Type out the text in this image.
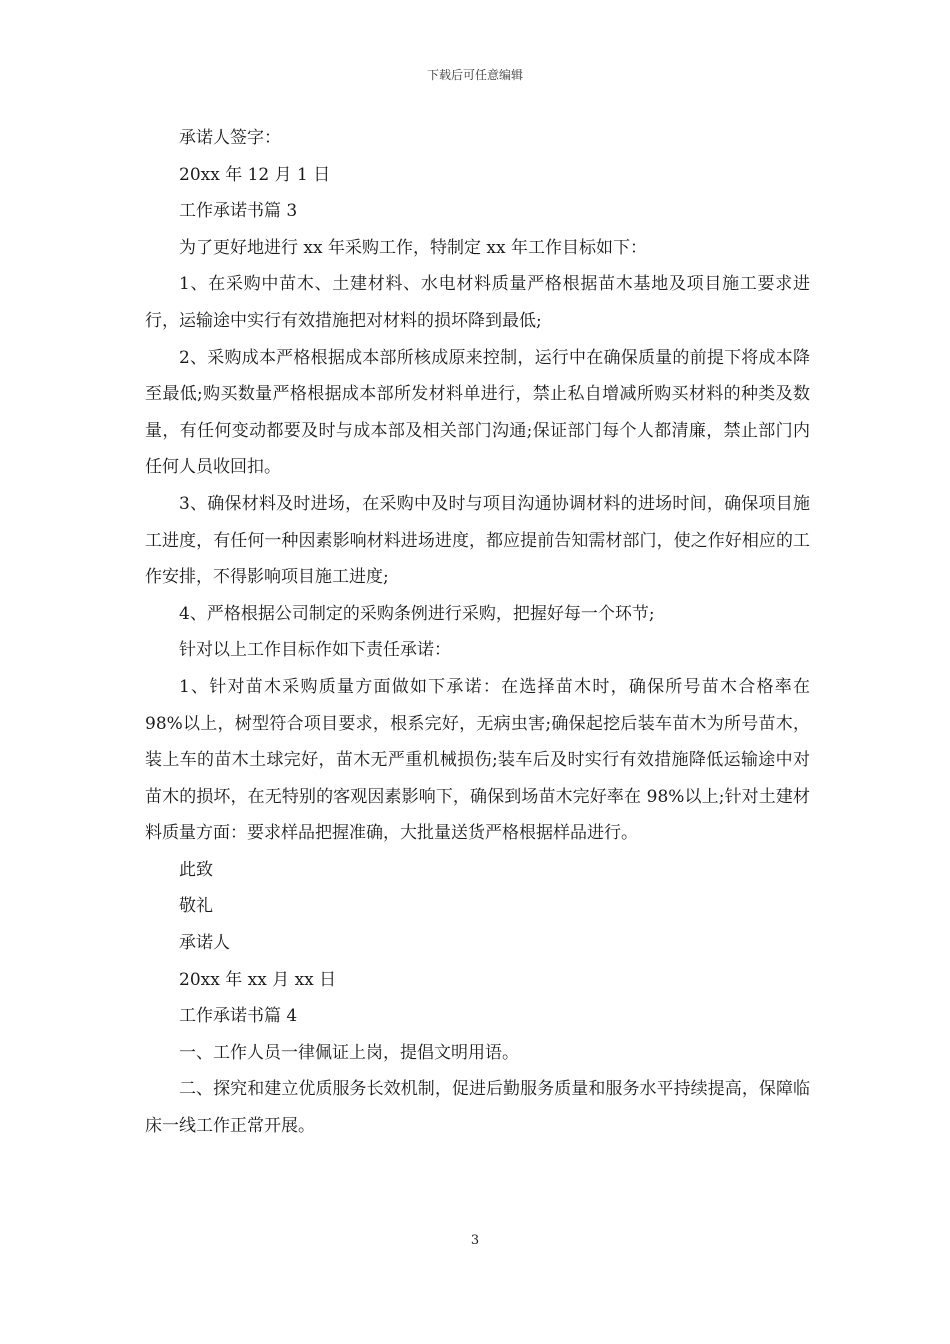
下载后可任意编辑

承诺人签字：

20xx 年 12 月 1 日

工作承诺书篇 3

为了更好地进行 xx 年采购工作，特制定 xx 年工作目标如下：

1、在采购中苗木、土建材料、水电材料质量严格根据苗木基地及项目施工要求进行，运输途中实行有效措施把对材料的损坏降到最低;

2、采购成本严格根据成本部所核成原来控制，运行中在确保质量的前提下将成本降至最低;购买数量严格根据成本部所发材料单进行，禁止私自增减所购买材料的种类及数量，有任何变动都要及时与成本部及相关部门沟通;保证部门每个人都清廉，禁止部门内任何人员收回扣。

3、确保材料及时进场，在采购中及时与项目沟通协调材料的进场时间，确保项目施工进度，有任何一种因素影响材料进场进度，都应提前告知需材部门，使之作好相应的工作安排，不得影响项目施工进度;

4、严格根据公司制定的采购条例进行采购，把握好每一个环节;

针对以上工作目标作如下责任承诺：

1、针对苗木采购质量方面做如下承诺：在选择苗木时，确保所号苗木合格率在 98%以上，树型符合项目要求，根系完好，无病虫害;确保起挖后装车苗木为所号苗木，装上车的苗木土球完好，苗木无严重机械损伤;装车后及时实行有效措施降低运输途中对苗木的损坏，在无特别的客观因素影响下，确保到场苗木完好率在 98%以上;针对土建材料质量方面：要求样品把握准确，大批量送货严格根据样品进行。

此致

敬礼

承诺人

20xx 年 xx 月 xx 日

工作承诺书篇 4

一、工作人员一律佩证上岗，提倡文明用语。

二、探究和建立优质服务长效机制，促进后勤服务质量和服务水平持续提高，保障临床一线工作正常开展。

3
